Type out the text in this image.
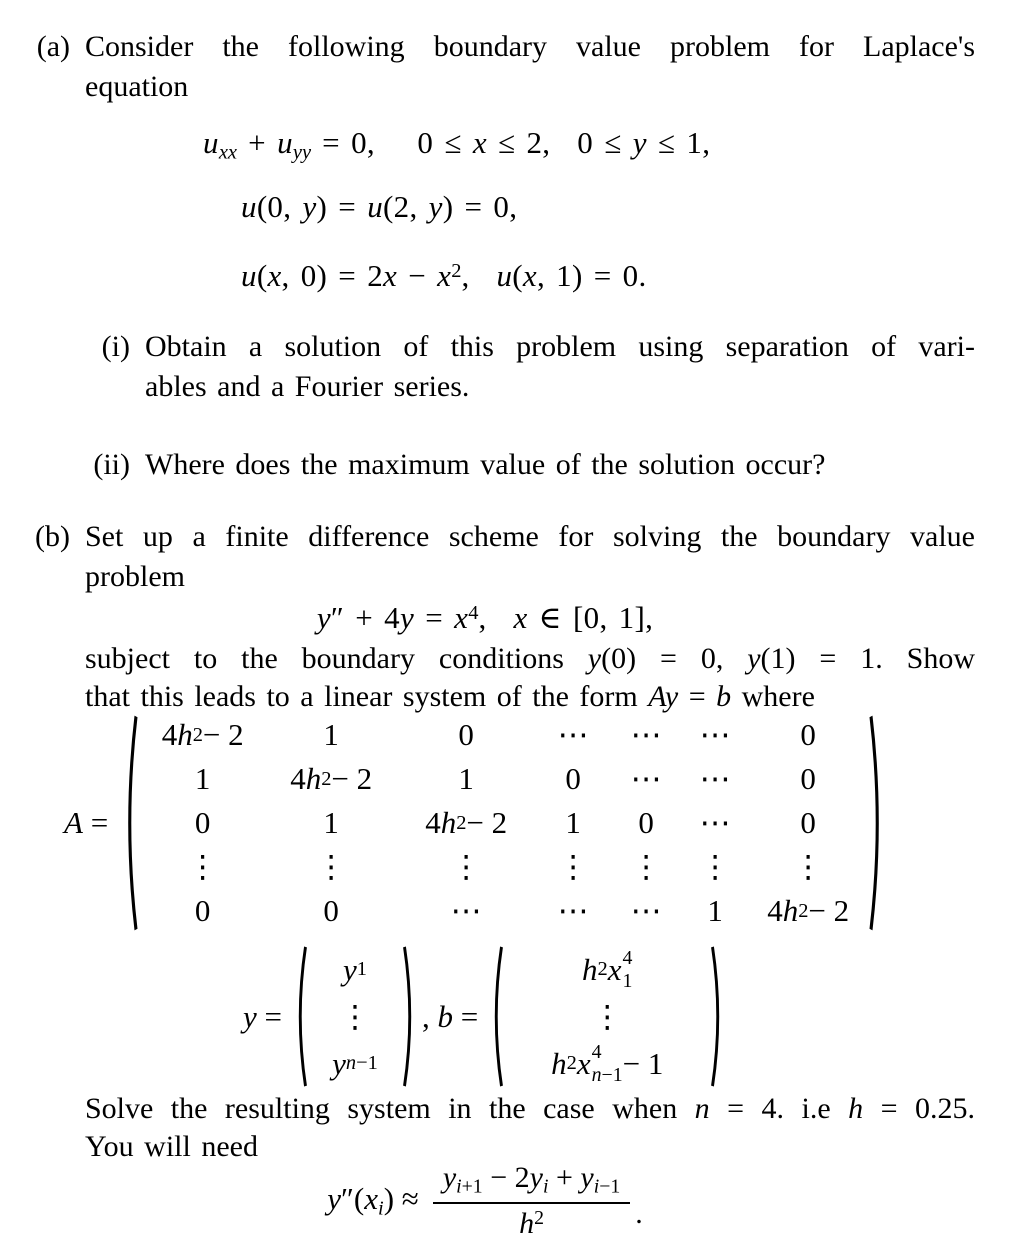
(a) Consider the following boundary value problem for Laplace's
equation
$u_{xx} + u_{yy} = 0$,  0 ≤ x ≤ 2,  0 ≤ y ≤ 1,
u(0, y) = u(2, y) = 0,
u(x, $0) = 2x - x^2$,  u(x, 1) = 0.
(i) Obtain a solution of this problem using separation of vari-
ables and a Fourier series.
(ii) Where does the maximum value of the solution occur?
(b) Set up a finite difference scheme for solving the boundary value
problem
$y'' + 4y = x^4$,  x ∈ [0, 1],
subject to the boundary conditions y(0) = 0, y(1) = 1. Show
that this leads to a linear system of the form Ay = b where
A =
4 h 2 − 2	1	0	⋯	⋯	⋯	0
1	4 h 2 − 2	1	0	⋯	⋯	0
0	1	4 h 2 − 2	1	0	⋯	0
⋮	⋮	⋮	⋮	⋮	⋮	⋮
0	0	⋯	⋯	⋯	1	4 h 2 − 2
y =
y 1
⋮
y n−1
, b =
h 2 x 4
1
⋮
h 2 x 4
n−1 − 1
Solve the resulting system in the case when n = 4. i.e h = 0.25.
You will need
$y''(x_i) \approx \frac{y_{i+1} - 2y_i + y_{i-1}}{h^2}$ .
